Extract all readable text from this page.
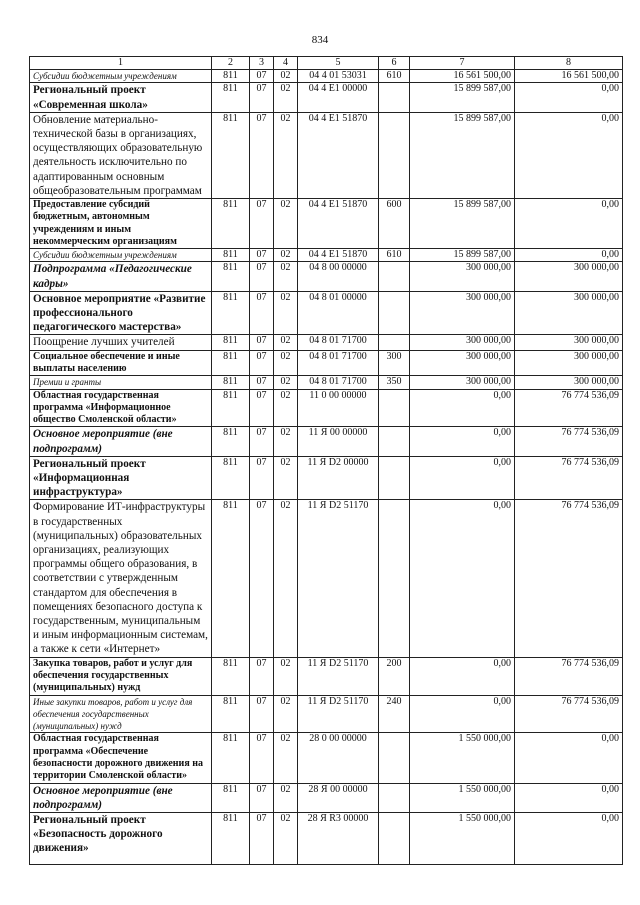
834
1	2	3	4	5	6	7	8
Субсидии бюджетным учреждениям	811	07	02	04 4 01 53031	610	16 561 500,00	16 561 500,00
Региональный проект «Современная школа»	811	07	02	04 4 E1 00000		15 899 587,00	0,00
Обновление материально-технической базы в организациях, осуществляющих образовательную деятельность исключительно по адаптированным основным общеобразовательным программам	811	07	02	04 4 E1 51870		15 899 587,00	0,00
Предоставление субсидий бюджетным, автономным учреждениям и иным некоммерческим организациям	811	07	02	04 4 E1 51870	600	15 899 587,00	0,00
Субсидии бюджетным учреждениям	811	07	02	04 4 E1 51870	610	15 899 587,00	0,00
Подпрограмма «Педагогические кадры»	811	07	02	04 8 00 00000		300 000,00	300 000,00
Основное мероприятие «Развитие профессионального педагогического мастерства»	811	07	02	04 8 01 00000		300 000,00	300 000,00
Поощрение лучших учителей	811	07	02	04 8 01 71700		300 000,00	300 000,00
Социальное обеспечение и иные выплаты населению	811	07	02	04 8 01 71700	300	300 000,00	300 000,00
Премии и гранты	811	07	02	04 8 01 71700	350	300 000,00	300 000,00
Областная государственная программа «Информационное общество Смоленской области»	811	07	02	11 0 00 00000		0,00	76 774 536,09
Основное мероприятие (вне подпрограмм)	811	07	02	11 Я 00 00000		0,00	76 774 536,09
Региональный проект «Информационная инфраструктура»	811	07	02	11 Я D2 00000		0,00	76 774 536,09
Формирование ИТ-инфраструктуры в государственных (муниципальных) образовательных организациях, реализующих программы общего образования, в соответствии с утвержденным стандартом для обеспечения в помещениях безопасного доступа к государственным, муниципальным и иным информационным системам, а также к сети «Интернет»	811	07	02	11 Я D2 51170		0,00	76 774 536,09
Закупка товаров, работ и услуг для обеспечения государственных (муниципальных) нужд	811	07	02	11 Я D2 51170	200	0,00	76 774 536,09
Иные закупки товаров, работ и услуг для обеспечения государственных (муниципальных) нужд	811	07	02	11 Я D2 51170	240	0,00	76 774 536,09
Областная государственная программа «Обеспечение безопасности дорожного движения на территории Смоленской области»	811	07	02	28 0 00 00000		1 550 000,00	0,00
Основное мероприятие (вне подпрограмм)	811	07	02	28 Я 00 00000		1 550 000,00	0,00
Региональный проект «Безопасность дорожного движения»	811	07	02	28 Я R3 00000		1 550 000,00	0,00
